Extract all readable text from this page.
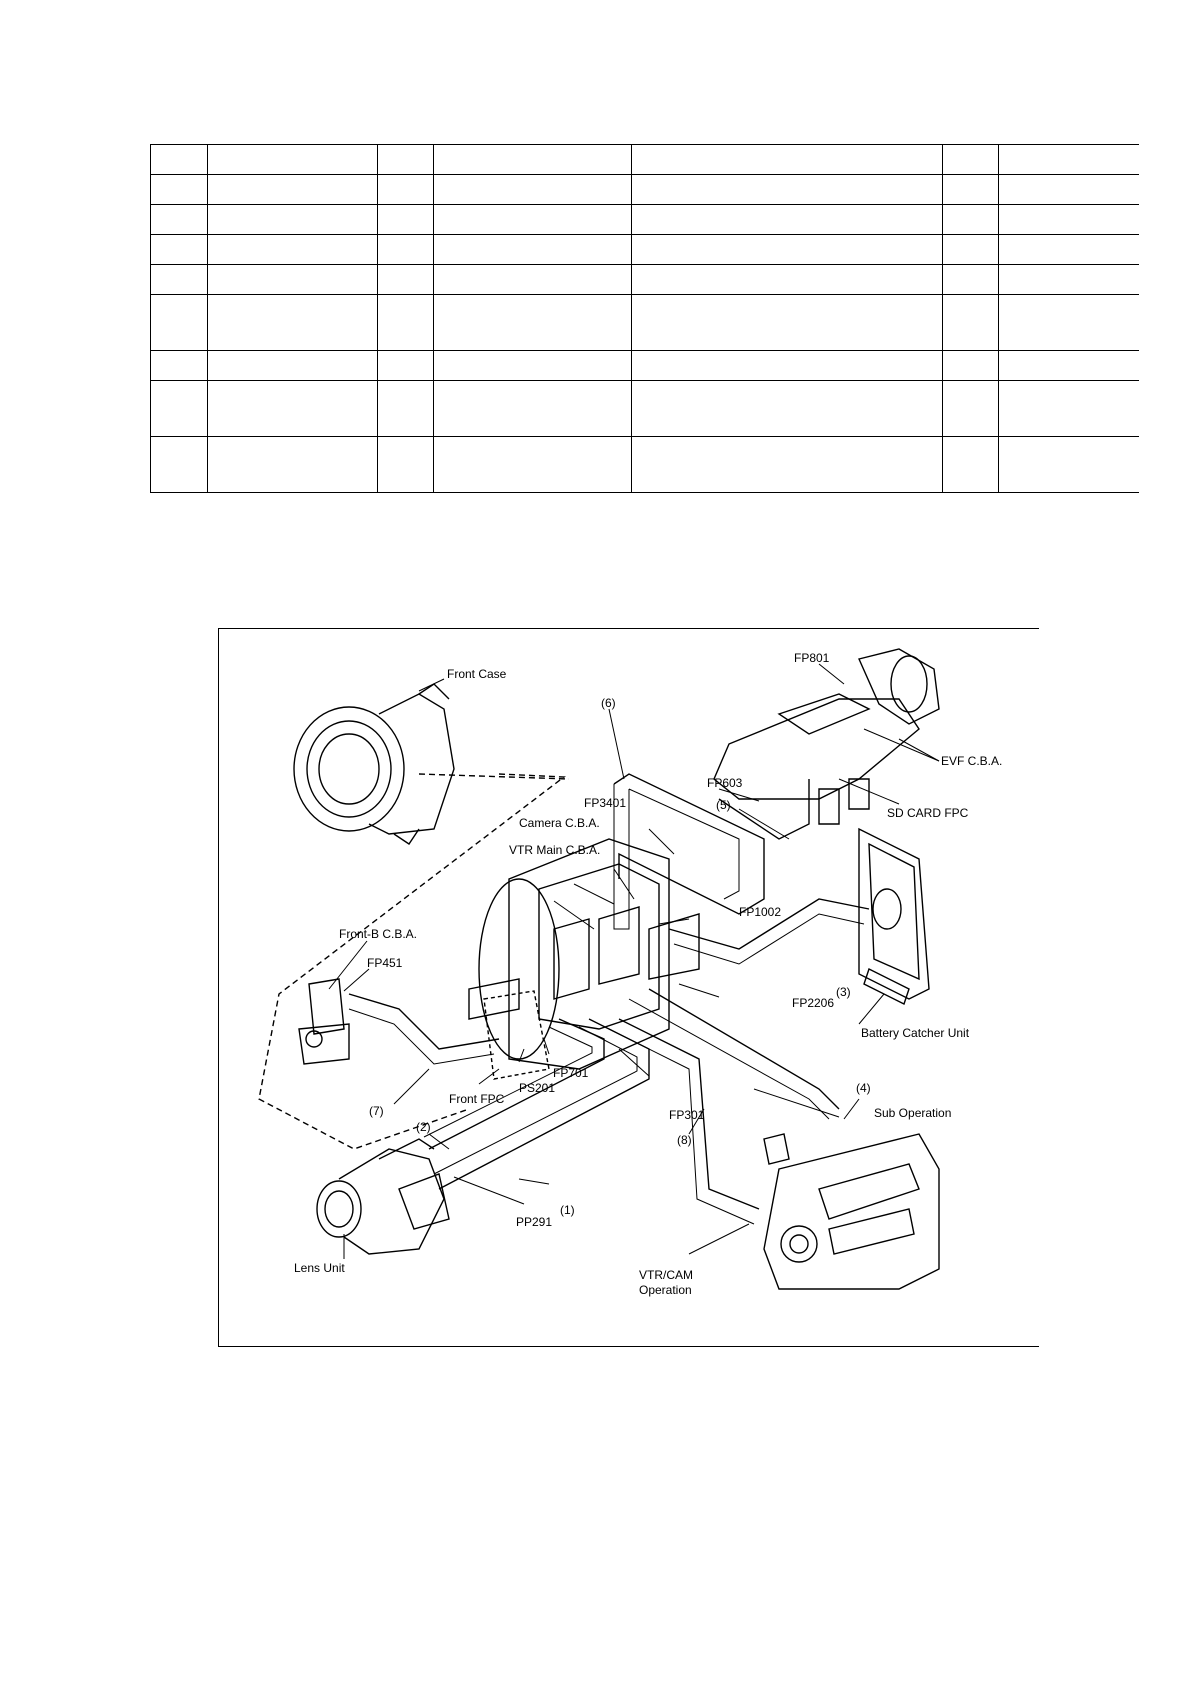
Front Case
FP801
EVF C.B.A.
SD CARD FPC
FP603
FP3401
Camera C.B.A.
VTR Main C.B.A.
Front-B C.B.A.
FP451
FP1002
FP2206
Battery Catcher Unit
FP701
PS201
Front FPC
FP301	Sub Operation
PP291
Lens Unit	VTR/CAM
Operation
(1)
(2)
(3)
(4)
(5)
(6)
(7)
(8)
